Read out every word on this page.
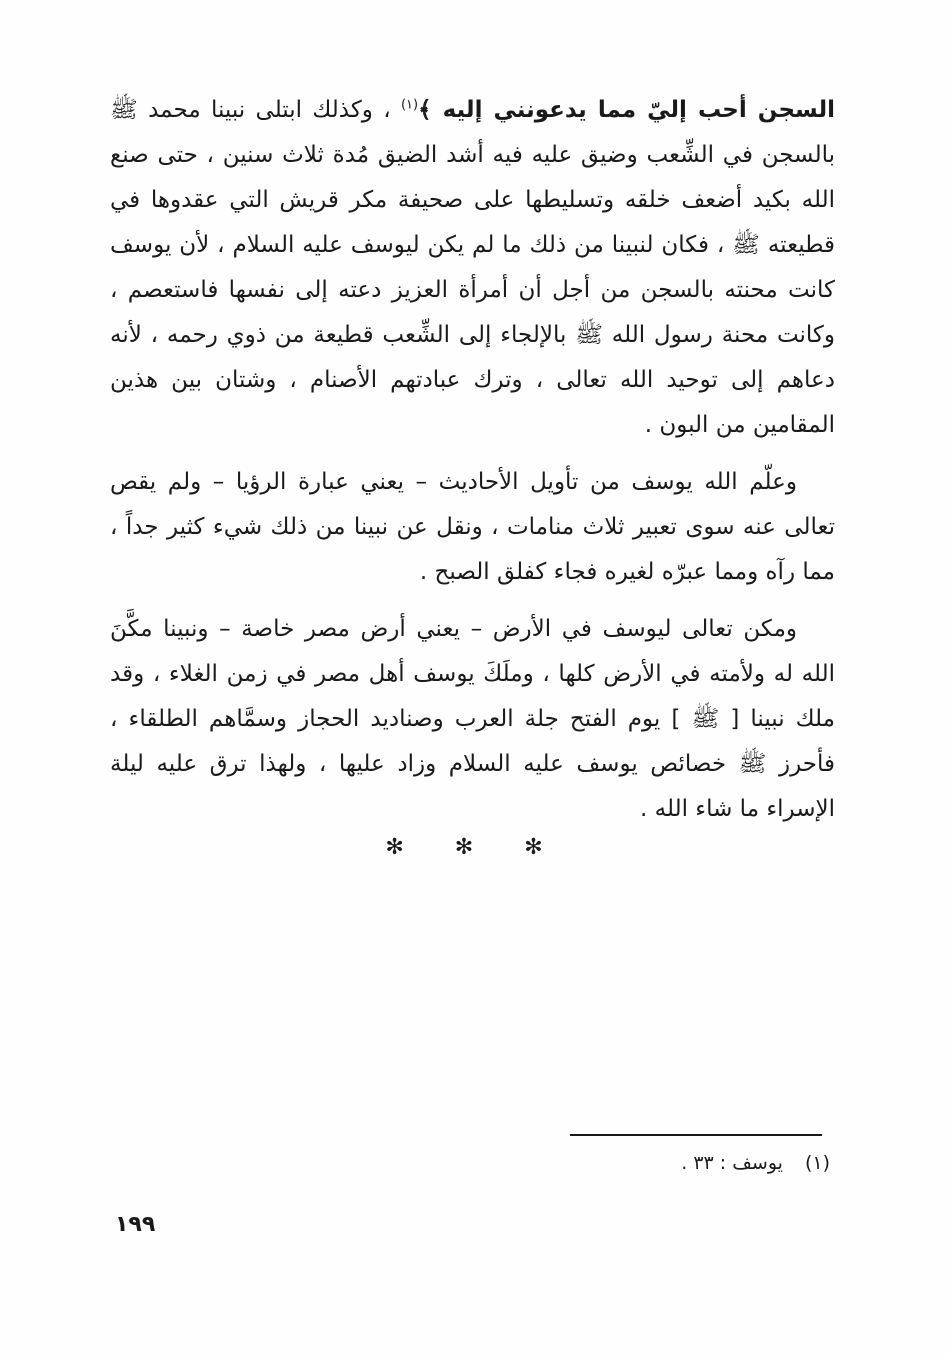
السجن أحب إليّ مما يدعونني إليه ﴾$^{(١)}$ ، وكذلك ابتلى نبينا محمد ﷺ بالسجن في الشِّعب وضيق عليه فيه أشد الضيق مُدة ثلاث سنين ، حتى صنع الله بكيد أضعف خلقه وتسليطها على صحيفة مكر قريش التي عقدوها في قطيعته ﷺ ، فكان لنبينا من ذلك ما لم يكن ليوسف عليه السلام ، لأن يوسف كانت محنته بالسجن من أجل أن أمرأة العزيز دعته إلى نفسها فاستعصم ، وكانت محنة رسول الله ﷺ بالإلجاء إلى الشِّعب قطيعة من ذوي رحمه ، لأنه دعاهم إلى توحيد الله تعالى ، وترك عبادتهم الأصنام ، وشتان بين هذين المقامين من البون .

وعلّم الله يوسف من تأويل الأحاديث – يعني عبارة الرؤيا – ولم يقص تعالى عنه سوى تعبير ثلاث منامات ، ونقل عن نبينا من ذلك شيء كثير جداً ، مما رآه ومما عبرّه لغيره فجاء كفلق الصبح .

ومكن تعالى ليوسف في الأرض – يعني أرض مصر خاصة – ونبينا مكَّنَ الله له ولأمته في الأرض كلها ، وملَكَ يوسف أهل مصر في زمن الغلاء ، وقد ملك نبينا [ ﷺ ] يوم الفتح جلة العرب وصناديد الحجاز وسمَّاهم الطلقاء ، فأحرز ﷺ خصائص يوسف عليه السلام وزاد عليها ، ولهذا ترق عليه ليلة الإسراء ما شاء الله .

✻ ✻ ✻
(١)يوسف : ٣٣ .
١٩٩
